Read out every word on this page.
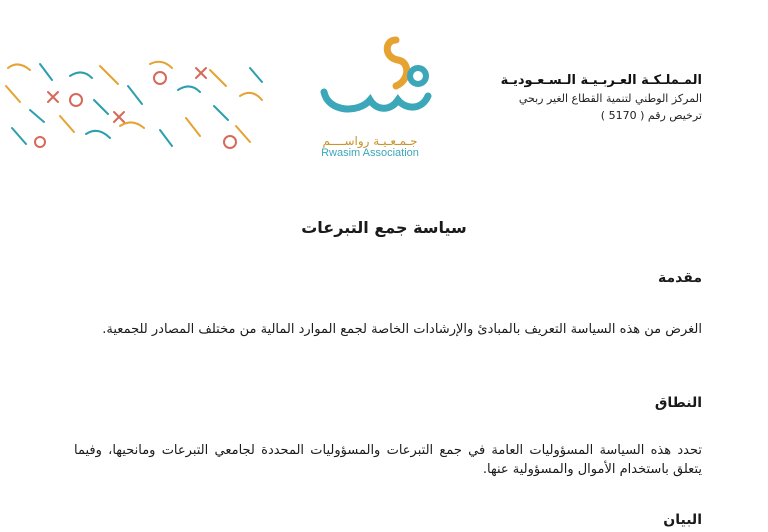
جـمـعـيـة رواســــم
Rwasim Association
المـملـكـة العـربـيـة الـسـعـوديـة
المركز الوطني لتنمية القطاع الغير ربحي
ترخيص رقم ( 5170 )
سياسة جمع التبرعات
مقدمة
الغرض من هذه السياسة التعريف بالمبادئ والإرشادات الخاصة لجمع الموارد المالية من مختلف المصادر للجمعية.
النطاق
تحدد هذه السياسة المسؤوليات العامة في جمع التبرعات والمسؤوليات المحددة لجامعي التبرعات ومانحيها، وفيما يتعلق باستخدام الأموال والمسؤولية عنها.
البيان
